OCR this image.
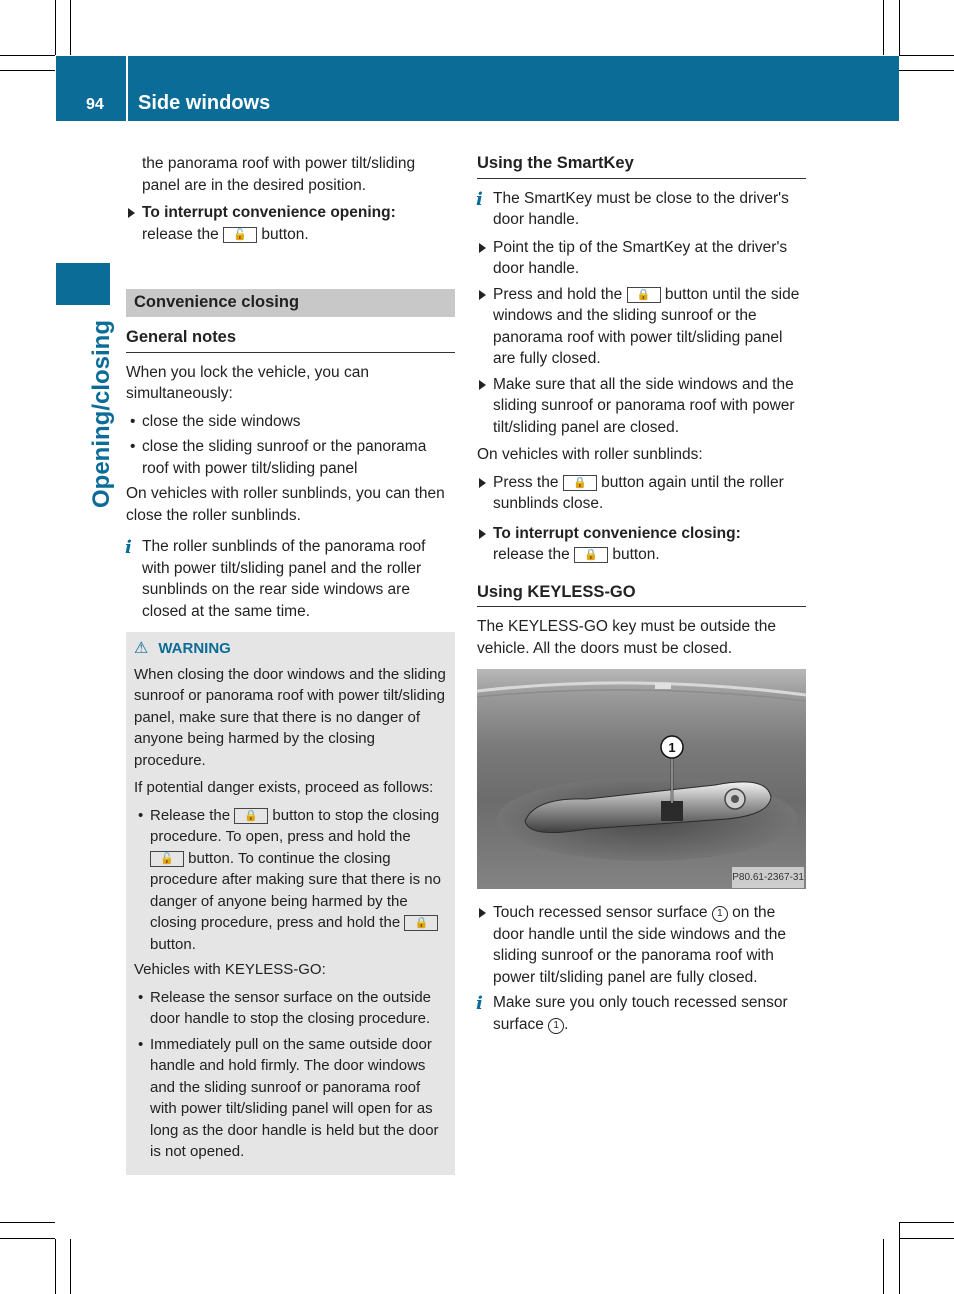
94 Side windows
Opening/closing

the panorama roof with power tilt/sliding panel are in the desired position.

To interrupt convenience opening:
release the 🔓 button.
Convenience closing
General notes

When you lock the vehicle, you can simultaneously:

• close the side windows
• close the sliding sunroof or the panorama roof with power tilt/sliding panel

On vehicles with roller sunblinds, you can then close the roller sunblinds.

i The roller sunblinds of the panorama roof with power tilt/sliding panel and the roller sunblinds on the rear side windows are closed at the same time.
⚠ WARNING

When closing the door windows and the sliding sunroof or panorama roof with power tilt/sliding panel, make sure that there is no danger of anyone being harmed by the closing procedure.

If potential danger exists, proceed as follows:

• Release the 🔒 button to stop the closing procedure. To open, press and hold the 🔓 button. To continue the closing procedure after making sure that there is no danger of anyone being harmed by the closing procedure, press and hold the 🔒 button.

Vehicles with KEYLESS-GO:

• Release the sensor surface on the outside door handle to stop the closing procedure.
• Immediately pull on the same outside door handle and hold firmly. The door windows and the sliding sunroof or panorama roof with power tilt/sliding panel will open for as long as the door handle is held but the door is not opened.
Using the SmartKey
i The SmartKey must be close to the driver's door handle.
Point the tip of the SmartKey at the driver's door handle.
Press and hold the 🔒 button until the side windows and the sliding sunroof or the panorama roof with power tilt/sliding panel are fully closed.
Make sure that all the side windows and the sliding sunroof or panorama roof with power tilt/sliding panel are closed.

On vehicles with roller sunblinds:

Press the 🔒 button again until the roller sunblinds close.
To interrupt convenience closing:
release the 🔒 button.
Using KEYLESS-GO

The KEYLESS-GO key must be outside the vehicle. All the doors must be closed.

1
P80.61-2367-31
Touch recessed sensor surface 1 on the door handle until the side windows and the sliding sunroof or the panorama roof with power tilt/sliding panel are fully closed.
i Make sure you only touch recessed sensor surface 1 .
